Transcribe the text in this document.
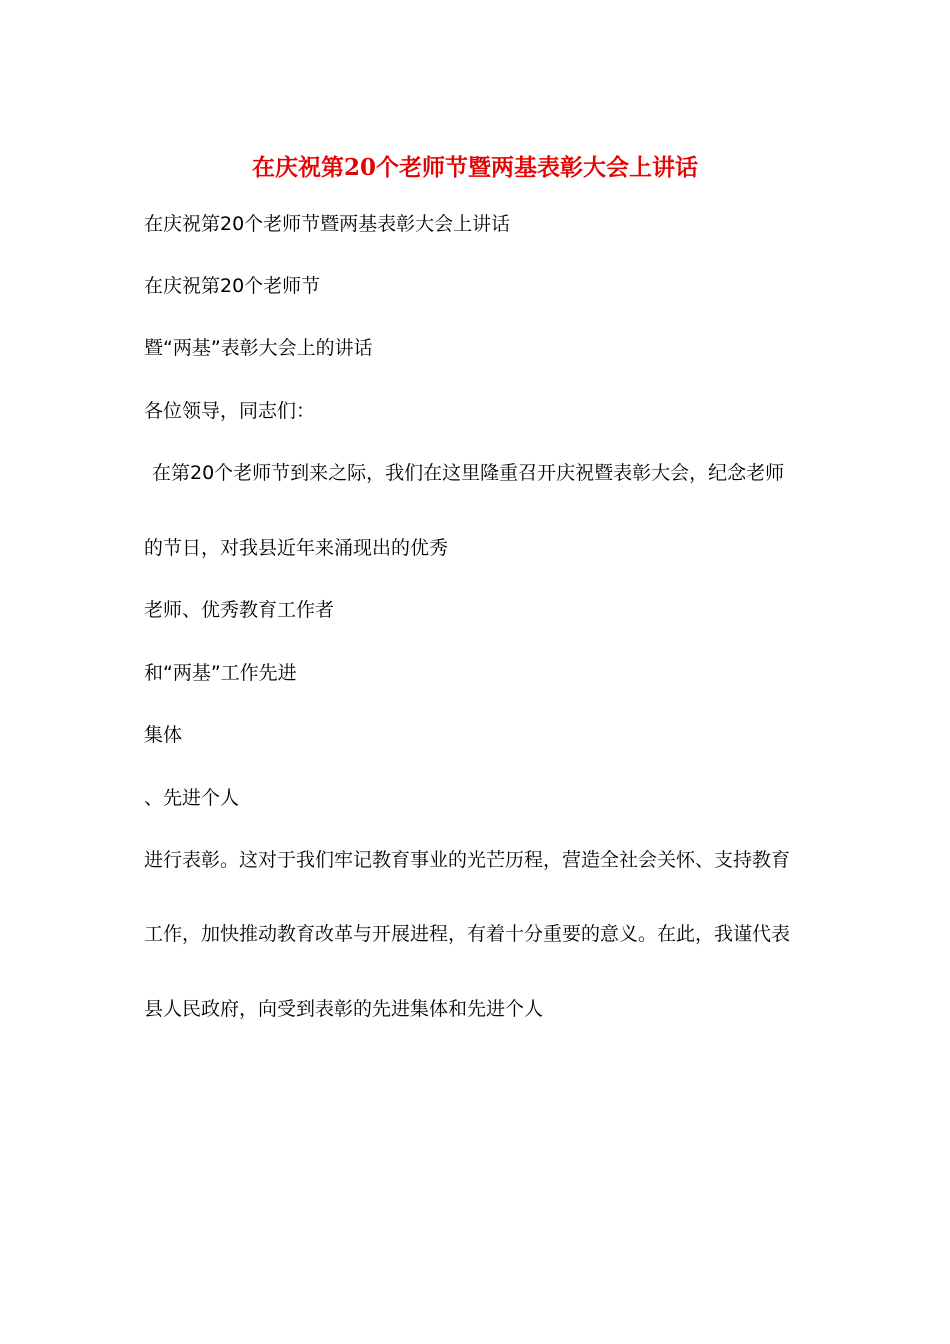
在庆祝第20个老师节暨两基表彰大会上讲话
在庆祝第20个老师节暨两基表彰大会上讲话
在庆祝第20个老师节
暨“两基”表彰大会上的讲话
各位领导，同志们：
在第20个老师节到来之际，我们在这里隆重召开庆祝暨表彰大会，纪念老师
的节日，对我县近年来涌现出的优秀
老师、优秀教育工作者
和“两基”工作先进
集体
、先进个人
进行表彰。这对于我们牢记教育事业的光芒历程，营造全社会关怀、支持教育
工作，加快推动教育改革与开展进程，有着十分重要的意义。在此，我谨代表
县人民政府，向受到表彰的先进集体和先进个人
